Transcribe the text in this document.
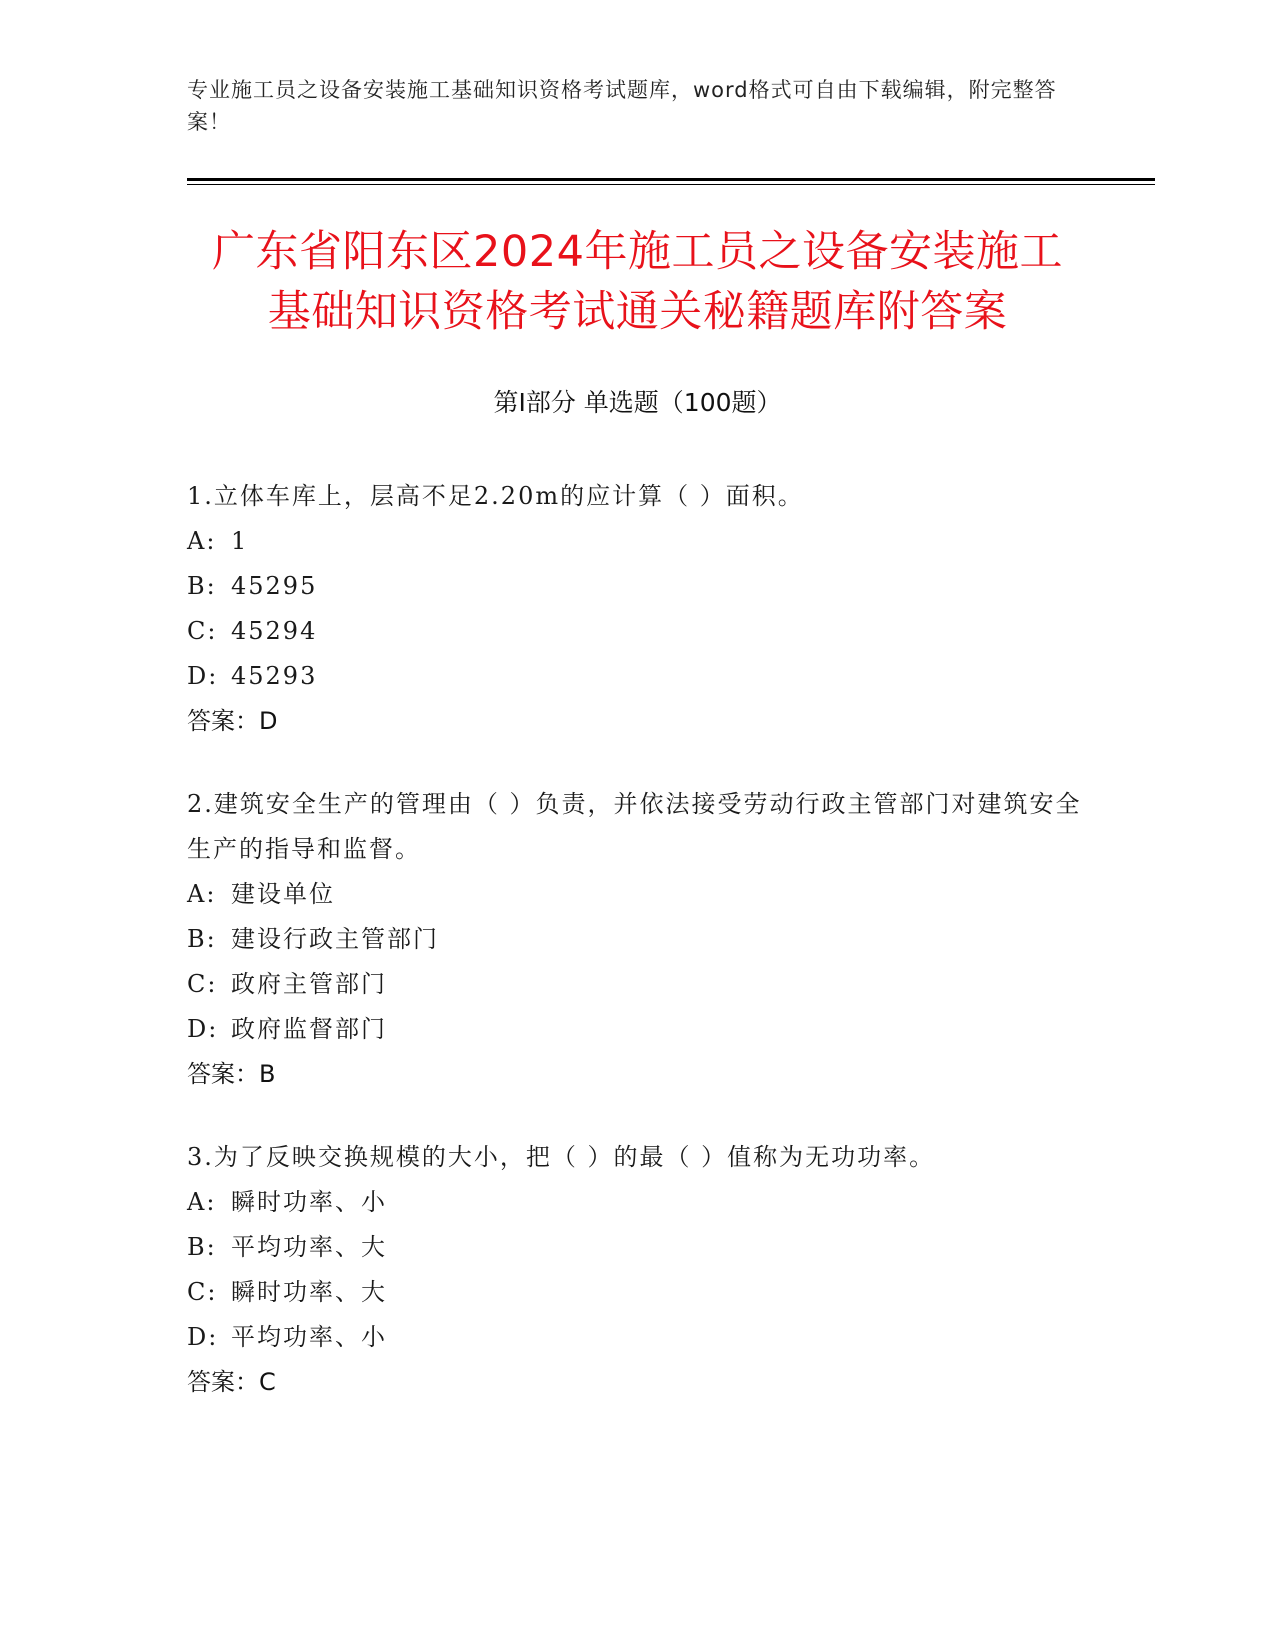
专业施工员之设备安装施工基础知识资格考试题库，word格式可自由下载编辑，附完整答案！
广东省阳东区2024年施工员之设备安装施工
基础知识资格考试通关秘籍题库附答案
第Ⅰ部分 单选题（100题）
1.立体车库上，层高不足2.20m的应计算（ ）面积。
A: 1
B: 45295
C: 45294
D: 45293
答案：D
2.建筑安全生产的管理由（ ）负责，并依法接受劳动行政主管部门对建筑安全生产的指导和监督。
A: 建设单位
B: 建设行政主管部门
C: 政府主管部门
D: 政府监督部门
答案：B
3.为了反映交换规模的大小，把（ ）的最（ ）值称为无功功率。
A: 瞬时功率、小
B: 平均功率、大
C: 瞬时功率、大
D: 平均功率、小
答案：C
